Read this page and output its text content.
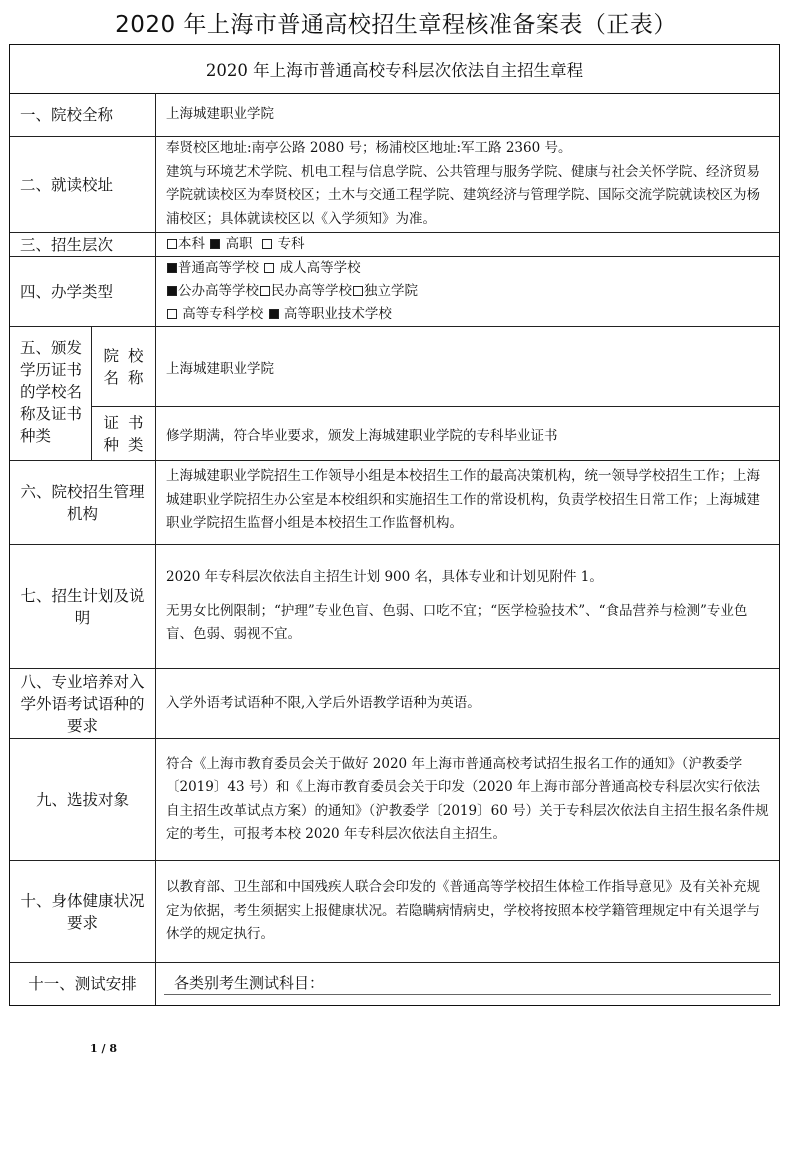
2020 年上海市普通高校招生章程核准备案表（正表）
2020 年上海市普通高校专科层次依法自主招生章程
一、院校全称	上海城建职业学院

二、就读校址

奉贤校区地址:南亭公路 2080 号；杨浦校区地址:军工路 2360 号。

建筑与环境艺术学院、机电工程与信息学院、公共管理与服务学院、健康与社会关怀学院、经济贸易学院就读校区为奉贤校区；土木与交通工程学院、建筑经济与管理学院、国际交流学院就读校区为杨浦校区；具体就读校区以《入学须知》为准。

三、招生层次	本科 高职 专科
四、办学类型

普通高等学校 成人高等学校

公办高等学校 民办高等学校 独立学院

高等专科学校 高等职业技术学校

五、颁发学历证书的学校名称及证书种类
院校名称	上海城建职业学院
证书种类	修学期满，符合毕业要求，颁发上海城建职业学院的专科毕业证书
六、院校招生管理机构

上海城建职业学院招生工作领导小组是本校招生工作的最高决策机构，统一领导学校招生工作；上海城建职业学院招生办公室是本校组织和实施招生工作的常设机构，负责学校招生日常工作；上海城建职业学院招生监督小组是本校招生工作监督机构。

七、招生计划及说明

2020 年专科层次依法自主招生计划 900 名，具体专业和计划见附件 1。

无男女比例限制；“护理”专业色盲、色弱、口吃不宜；“医学检验技术”、“食品营养与检测”专业色盲、色弱、弱视不宜。

八、专业培养对入学外语考试语种的要求

入学外语考试语种不限,入学后外语教学语种为英语。

九、选拔对象

符合《上海市教育委员会关于做好 2020 年上海市普通高校考试招生报名工作的通知》（沪教委学〔2019〕43 号）和《上海市教育委员会关于印发（2020 年上海市部分普通高校专科层次实行依法自主招生改革试点方案）的通知》（沪教委学〔2019〕60 号）关于专科层次依法自主招生报名条件规定的考生，可报考本校 2020 年专科层次依法自主招生。

十、身体健康状况要求

以教育部、卫生部和中国残疾人联合会印发的《普通高等学校招生体检工作指导意见》及有关补充规定为依据，考生须据实上报健康状况。若隐瞒病情病史，学校将按照本校学籍管理规定中有关退学与休学的规定执行。

十一、测试安排	各类别考生测试科目：

1 / 8
